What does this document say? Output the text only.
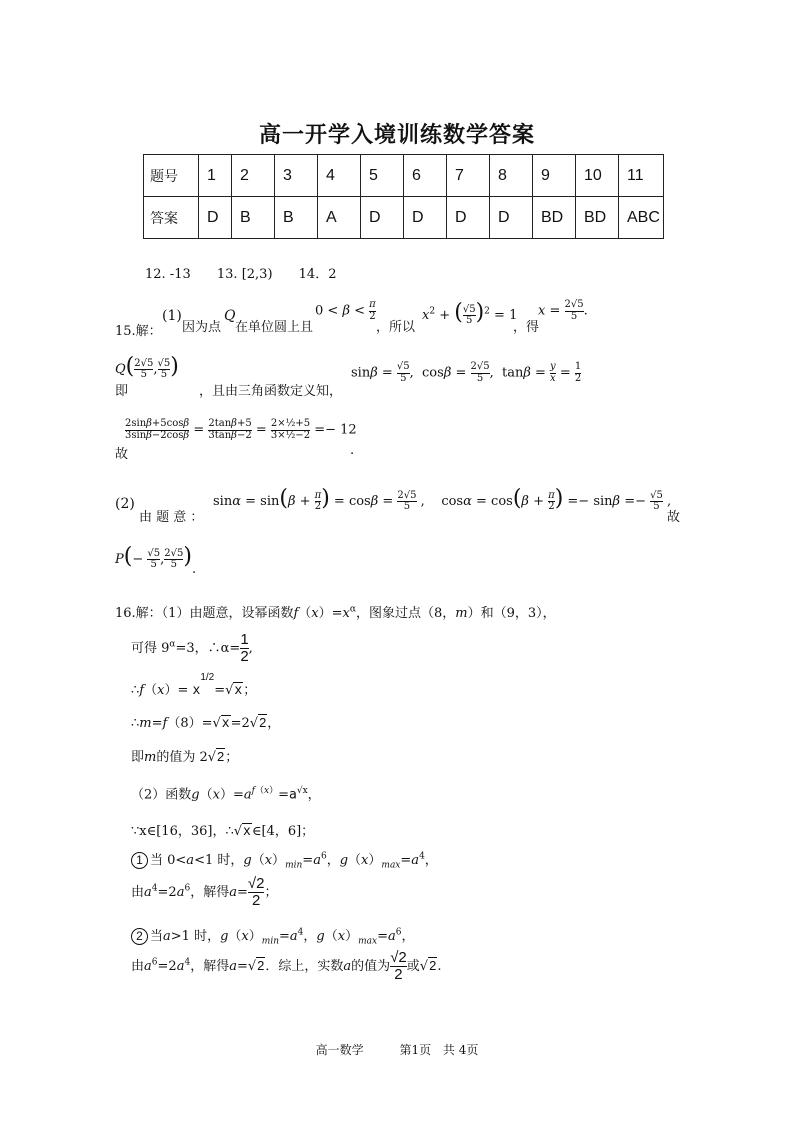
高一开学入境训练数学答案
题号	1	2	3	4	5	6	7	8	9	10	11
答案	D	B	B	A	D	D	D	D	BD	BD	ABC
12. -13 13. [2,3) 14．2
15.解：
(1)
因为点
Q
在单位圆上且
$0 < \beta < \frac{\pi}{2}$
，所以
$x^2$ + ( $\frac{√5}{5} )^2 = 1$
，得
$x = \frac{2√5}{5}$ .
即
$Q( \frac{2√5}{5}$ , $\frac{√5}{5}$ )
，且由三角函数定义知，
$\sin\beta = \frac{√5}{5}$ ,  $\cos\beta = \frac{2√5}{5}$ ,  $\tan\beta = \frac{y}{x} = \frac{1}{2}$
故
$\frac{2\sin\beta+5\cos\beta}{3\sin\beta-2\cos\beta} = \frac{2\tan\beta+5}{3\tan\beta-2} = \frac{\text{2×½+5}}{\text{3×½−2}} =- 12$
.
(2)
由 题 意 ：
$\sin\alpha = \sin(\beta + \frac{\pi}{2}$ ) = $\cos\beta = \frac{2√5}{5}$ ,    $\cos\alpha = \cos(\beta + \frac{\pi}{2}$ ) =− $\sin\beta =- \frac{√5}{5}$ ,
故
$P(- \frac{√5}{5}$ , $\frac{2√5}{5}$ ).
16.解：（1）由题意，设幂函数$f(x)=x^\alpha$，图象过点（8，m）和（9，3），
可得 $9^\alpha=3$，∴α= $\frac{1}{2}$ ,
∴f（x）= $x^{1/2}=√x$；
∴m=f（8）=√x=2√2，
即m的值为 2√2；
（2）函数$g(x)=a^{f(x)}=a^{√x}$，
∵x∈[16，36]，∴√x∈[4，6]；
1 当 0<a<1 时，$g(x)_{min}=a^6$，$g(x)_{max}=a^4$，
由$a^4=2a^6$，解得$a= \frac{√2}{2}$ ；
2 当a>1 时，$g(x)_{min}=a^4$，$g(x)_{max}=a^6$，
由$a^6=2a^4$，解得a=√2．综上，实数a的值为 $\frac{√2}{2}$ 或√2.
高一数学	第1页 共 4页
